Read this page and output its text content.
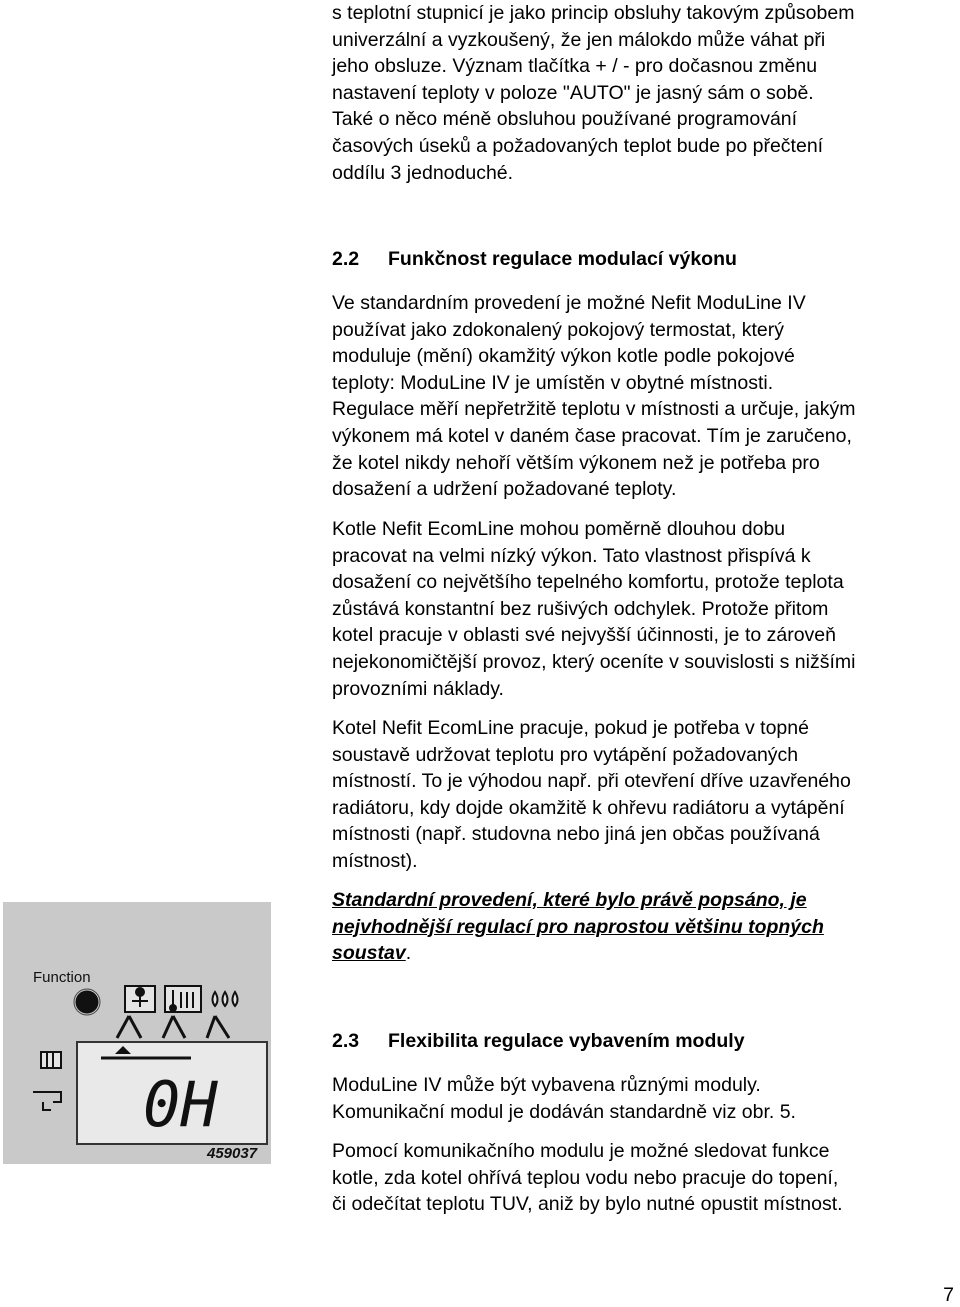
s teplotní stupnicí je jako princip obsluhy takovým způsobem
univerzální a vyzkoušený, že jen málokdo může váhat při
jeho obsluze. Význam tlačítka + / - pro dočasnou změnu
nastavení teploty v poloze "AUTO" je jasný sám o sobě.
Také o něco méně obsluhou používané programování
časových úseků a požadovaných teplot bude po přečtení
oddílu 3 jednoduché.
2.2 Funkčnost regulace modulací výkonu
Ve standardním provedení je možné Nefit ModuLine IV
používat jako zdokonalený pokojový termostat, který
moduluje (mění) okamžitý výkon kotle podle pokojové
teploty: ModuLine IV je umístěn v obytné místnosti.
Regulace měří nepřetržitě teplotu v místnosti a určuje, jakým
výkonem má kotel v daném čase pracovat. Tím je zaručeno,
že kotel nikdy nehoří větším výkonem než je potřeba pro
dosažení a udržení požadované teploty.
Kotle Nefit EcomLine mohou poměrně dlouhou dobu
pracovat na velmi nízký výkon. Tato vlastnost přispívá k
dosažení co největšího tepelného komfortu, protože teplota
zůstává konstantní bez rušivých odchylek. Protože přitom
kotel pracuje v oblasti své nejvyšší účinnosti, je to zároveň
nejekonomičtější provoz, který oceníte v souvislosti s nižšími
provozními náklady.
Kotel Nefit EcomLine pracuje, pokud je potřeba v topné
soustavě udržovat teplotu pro vytápění požadovaných
místností. To je výhodou např. při otevření dříve uzavřeného
radiátoru, kdy dojde okamžitě k ohřevu radiátoru a vytápění
místnosti (např. studovna nebo jiná jen občas používaná
místnost).
Standardní provedení, které bylo právě popsáno, je
nejvhodnější regulací pro naprostou většinu topných
soustav.
2.3 Flexibilita regulace vybavením moduly
ModuLine IV může být vybavena různými moduly.
Komunikační modul je dodáván standardně viz obr. 5.
Pomocí komunikačního modulu je možné sledovat funkce
kotle, zda kotel ohřívá teplou vodu nebo pracuje do topení,
či odečítat teplotu TUV, aniž by bylo nutné opustit místnost.
Function
0H
459037
7
